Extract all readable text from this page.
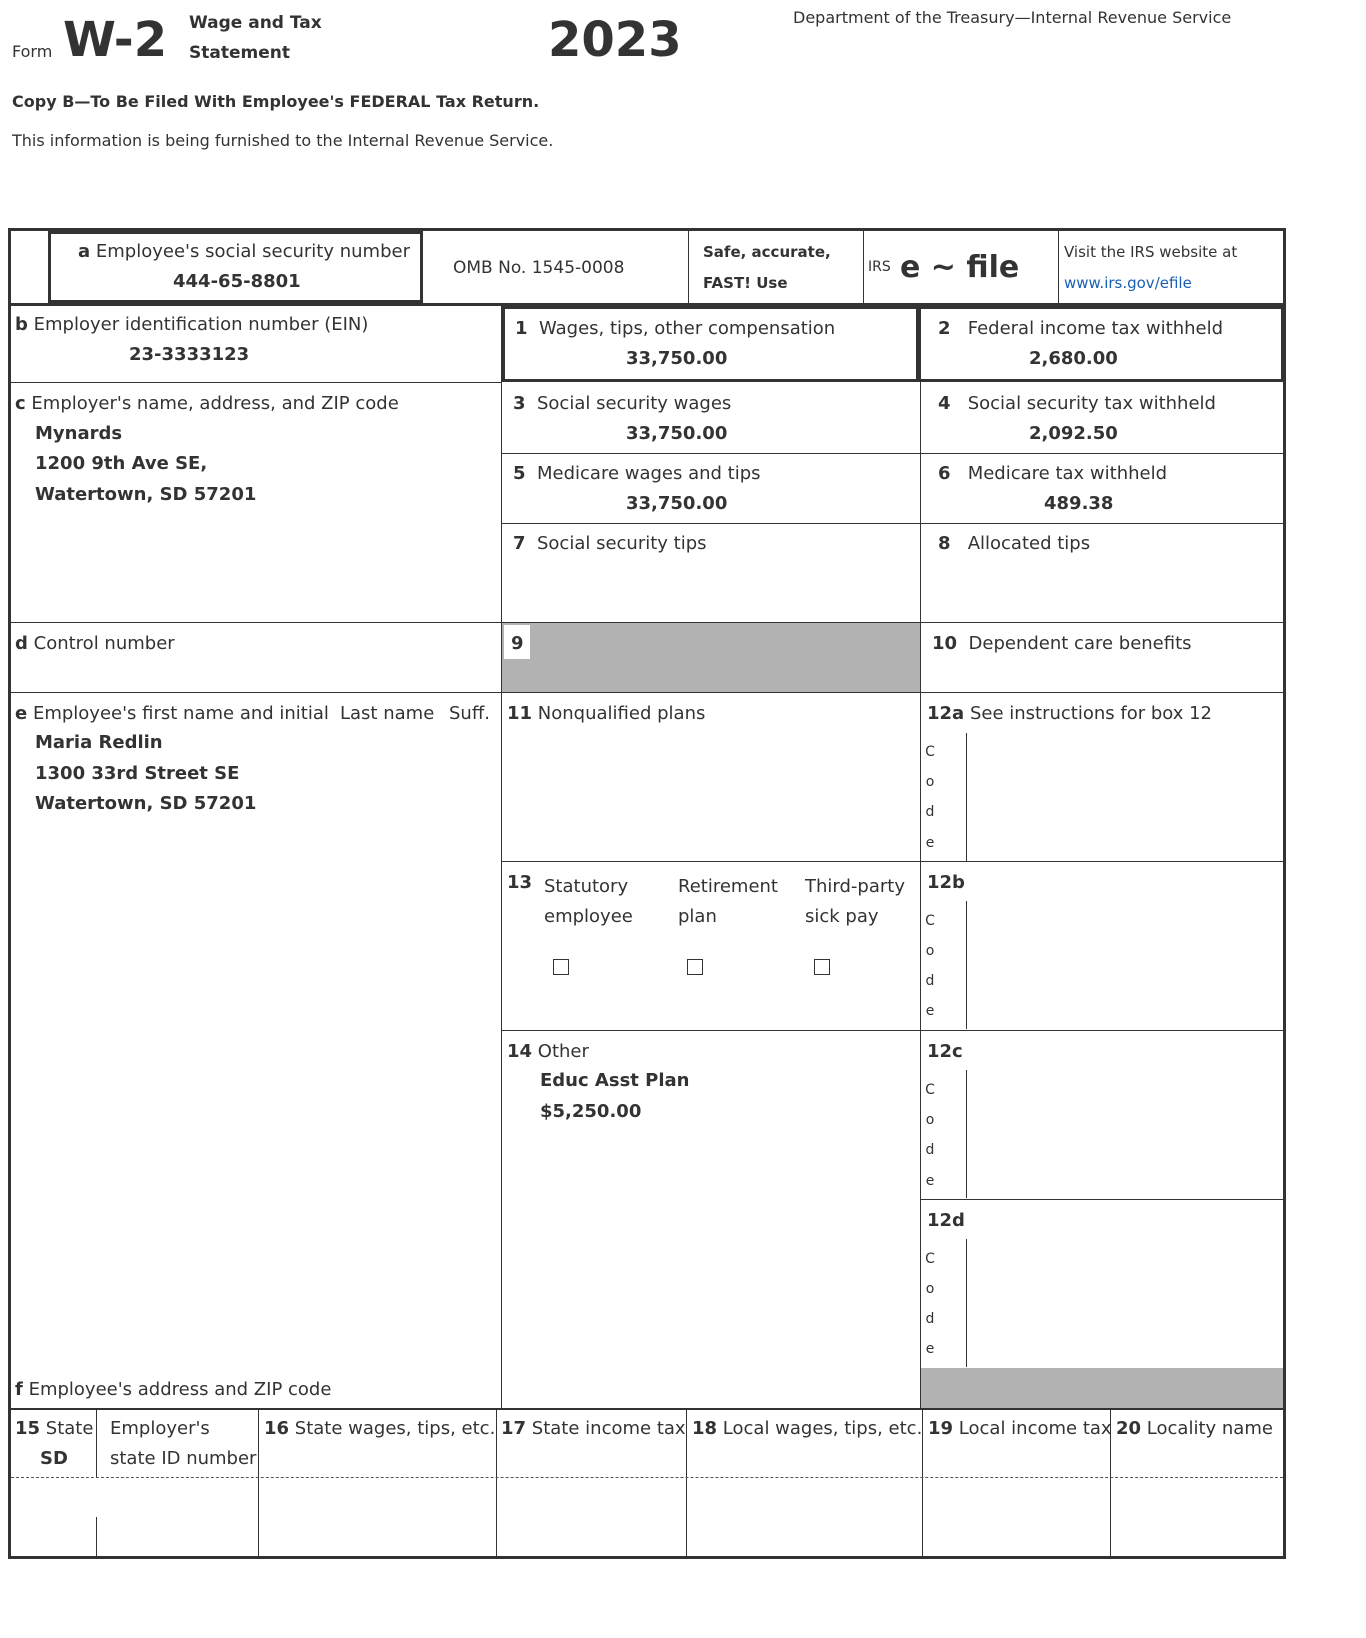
Form W-2 Wage and Tax
Statement	2023	Department of the Treasury—Internal Revenue Service
Copy B—To Be Filed With Employee's FEDERAL Tax Return.
This information is being furnished to the Internal Revenue Service.
a Employee's social security number
444-65-8801
OMB No. 1545-0008
Safe, accurate,
FAST! Use
IRS e ~ file	Visit the IRS website at
www.irs.gov/efile
b Employer identification number (EIN)
23-3333123
1 Wages, tips, other compensation
33,750.00
2 Federal income tax withheld
2,680.00
c Employer's name, address, and ZIP code
Mynards
1200 9th Ave SE,
Watertown, SD 57201
3 Social security wages
33,750.00
4 Social security tax withheld
2,092.50
5 Medicare wages and tips
33,750.00
6 Medicare tax withheld
489.38
7 Social security tips	8 Allocated tips
d Control number	9	10 Dependent care benefits
e Employee's first name and initial Last name Suff.
Maria Redlin
1300 33rd Street SE
Watertown, SD 57201
11 Nonqualified plans	12a See instructions for box 12
C
o
d
e
13 Statutory
employee
Retirement
plan
Third-party
sick pay
12b
C
o
d
e
14 Other
Educ Asst Plan
$5,250.00
12c
C
o
d
e
12d
C
o
d
e
f Employee's address and ZIP code
15 State
SD
Employer's
state ID number
16 State wages, tips, etc. 17 State income tax 18 Local wages, tips, etc. 19 Local income tax 20 Locality name
